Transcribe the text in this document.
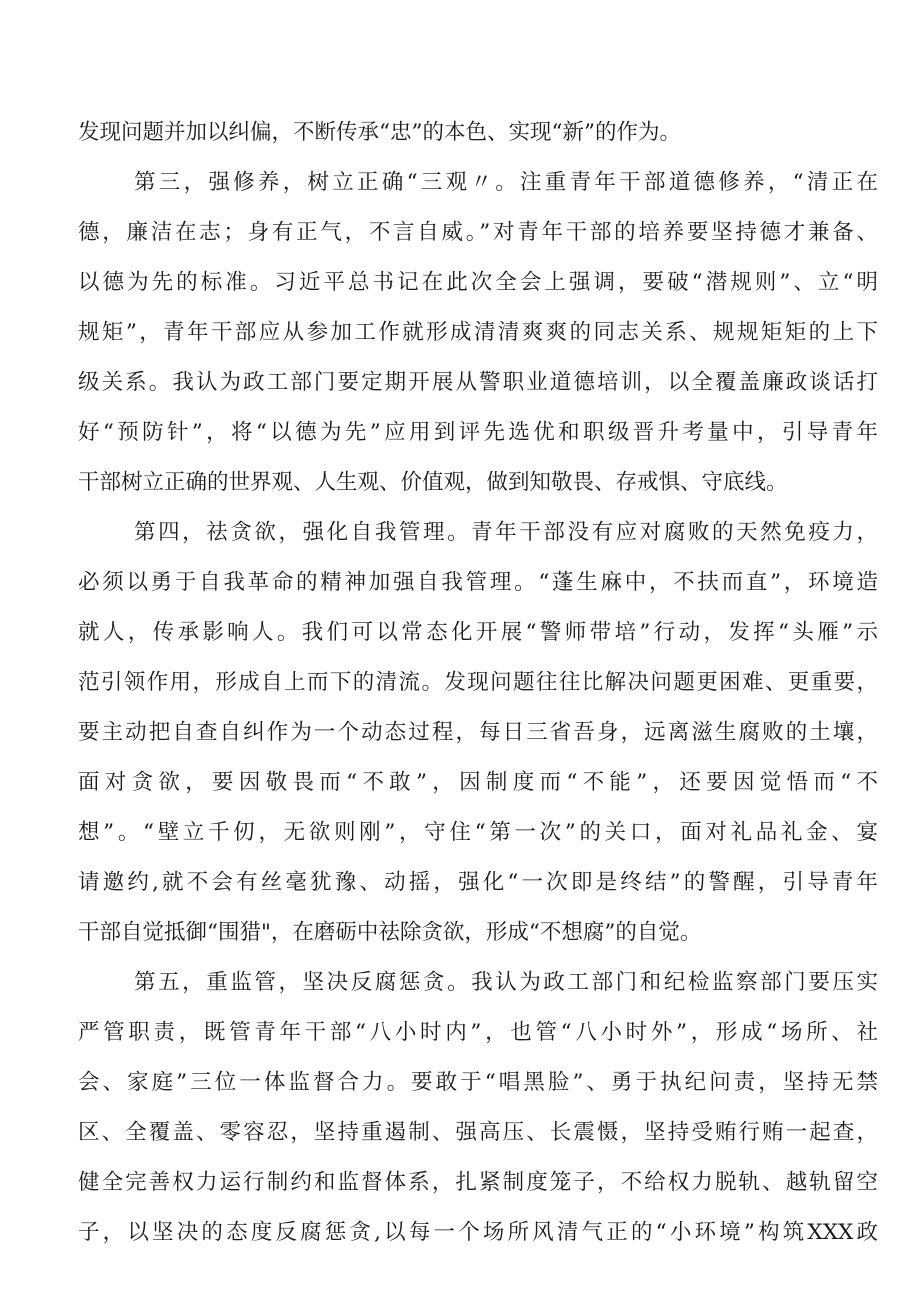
发现问题并加以纠偏，不断传承“忠”的本色、实现“新”的作为。
第三，强修养，树立正确“三观〃。注重青年干部道德修养，“清正在
德，廉洁在志；身有正气，不言自威。”对青年干部的培养要坚持德才兼备、
以德为先的标准。习近平总书记在此次全会上强调，要破“潜规则”、立“明
规矩”，青年干部应从参加工作就形成清清爽爽的同志关系、规规矩矩的上下
级关系。我认为政工部门要定期开展从警职业道德培训，以全覆盖廉政谈话打
好“预防针”，将“以德为先”应用到评先选优和职级晋升考量中，引导青年
干部树立正确的世界观、人生观、价值观，做到知敬畏、存戒惧、守底线。
第四，祛贪欲，强化自我管理。青年干部没有应对腐败的天然免疫力，
必须以勇于自我革命的精神加强自我管理。“蓬生麻中，不扶而直”，环境造
就人，传承影响人。我们可以常态化开展“警师带培”行动，发挥“头雁”示
范引领作用，形成自上而下的清流。发现问题往往比解决问题更困难、更重要，
要主动把自查自纠作为一个动态过程，每日三省吾身，远离滋生腐败的土壤，
面对贪欲，要因敬畏而“不敢”，因制度而“不能”，还要因觉悟而“不
想”。“壁立千仞，无欲则刚”，守住“第一次”的关口，面对礼品礼金、宴
请邀约,就不会有丝毫犹豫、动摇，强化“一次即是终结”的警醒，引导青年
干部自觉抵御“围猎"，在磨砺中祛除贪欲，形成“不想腐”的自觉。
第五，重监管，坚决反腐惩贪。我认为政工部门和纪检监察部门要压实
严管职责，既管青年干部“八小时内”，也管“八小时外”，形成“场所、社
会、家庭”三位一体监督合力。要敢于“唱黑脸”、勇于执纪问责，坚持无禁
区、全覆盖、零容忍，坚持重遏制、强高压、长震慑，坚持受贿行贿一起查，
健全完善权力运行制约和监督体系，扎紧制度笼子，不给权力脱轨、越轨留空
子，以坚决的态度反腐惩贪,以每一个场所风清气正的“小环境”构筑XXX政
